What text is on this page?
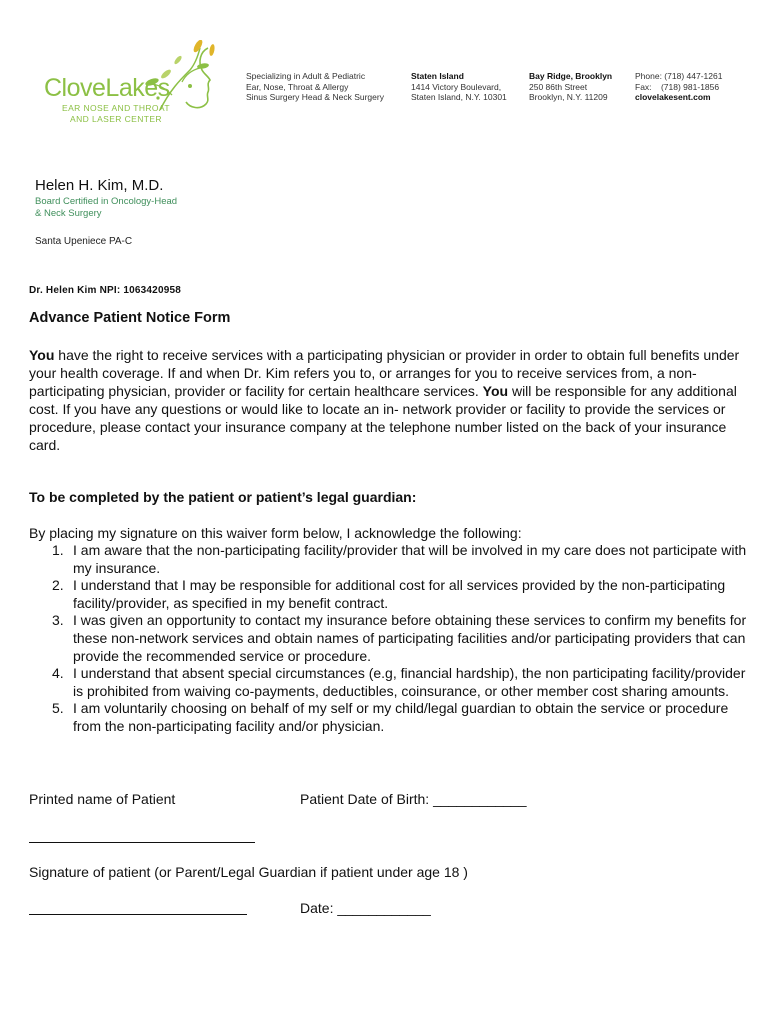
CloveLakes
EAR NOSE AND THROAT
AND LASER CENTER
Specializing in Adult & Pediatric
Ear, Nose, Throat & Allergy
Sinus Surgery Head & Neck Surgery
Staten Island
1414 Victory Boulevard,
Staten Island, N.Y. 10301
Bay Ridge, Brooklyn
250 86th Street
Brooklyn, N.Y. 11209
Phone: (718) 447-1261
Fax:    (718) 981-1856
clovelakesent.com
Helen H. Kim, M.D.
Board Certified in Oncology-Head
& Neck Surgery
Santa Upeniece PA-C
Dr. Helen Kim NPI: 1063420958
Advance Patient Notice Form
You have the right to receive services with a participating physician or provider in order to obtain full benefits under your health coverage. If and when Dr. Kim refers you to, or arranges for you to receive services from, a non-participating physician, provider or facility for certain healthcare services. You will be responsible for any additional cost. If you have any questions or would like to locate an in- network provider or facility to provide the services or procedure, please contact your insurance company at the telephone number listed on the back of your insurance card.
To be completed by the patient or patient’s legal guardian:
By placing my signature on this waiver form below, I acknowledge the following:
1. I am aware that the non-participating facility/provider that will be involved in my care does not participate with my insurance.
2. I understand that I may be responsible for additional cost for all services provided by the non-participating facility/provider, as specified in my benefit contract.
3. I was given an opportunity to contact my insurance before obtaining these services to confirm my benefits for these non-network services and obtain names of participating facilities and/or participating providers that can provide the recommended service or procedure.
4. I understand that absent special circumstances (e.g, financial hardship), the non participating facility/provider is prohibited from waiving co-payments, deductibles, coinsurance, or other member cost sharing amounts.
5. I am voluntarily choosing on behalf of my self or my child/legal guardian to obtain the service or procedure from the non-participating facility and/or physician.
Printed name of Patient	Patient Date of Birth: ____________
Signature of patient (or Parent/Legal Guardian if patient under age 18 )
Date: ____________
